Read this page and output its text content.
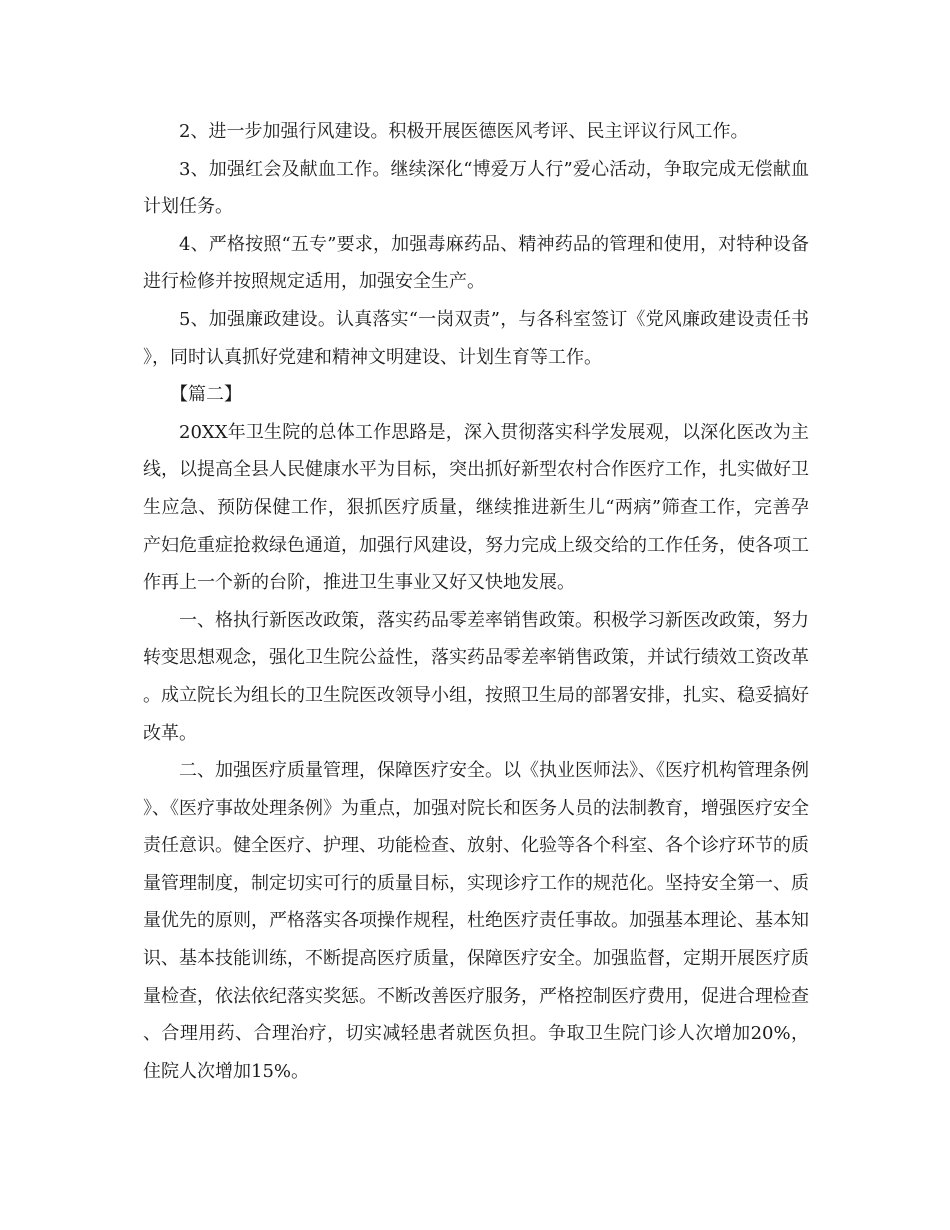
2、进一步加强行风建设。积极开展医德医风考评、民主评议行风工作。

3、加强红会及献血工作。继续深化“博爱万人行”爱心活动，争取完成无偿献血计划任务。

4、严格按照“五专”要求，加强毒麻药品、精神药品的管理和使用，对特种设备进行检修并按照规定适用，加强安全生产。

5、加强廉政建设。认真落实“一岗双责”，与各科室签订《党风廉政建设责任书》，同时认真抓好党建和精神文明建设、计划生育等工作。

【篇二】

20XX年卫生院的总体工作思路是，深入贯彻落实科学发展观，以深化医改为主线，以提高全县人民健康水平为目标，突出抓好新型农村合作医疗工作，扎实做好卫生应急、预防保健工作，狠抓医疗质量，继续推进新生儿“两病”筛查工作，完善孕产妇危重症抢救绿色通道，加强行风建设，努力完成上级交给的工作任务，使各项工作再上一个新的台阶，推进卫生事业又好又快地发展。

一、格执行新医改政策，落实药品零差率销售政策。积极学习新医改政策，努力转变思想观念，强化卫生院公益性，落实药品零差率销售政策，并试行绩效工资改革。成立院长为组长的卫生院医改领导小组，按照卫生局的部署安排，扎实、稳妥搞好改革。

二、加强医疗质量管理，保障医疗安全。以《执业医师法》、《医疗机构管理条例》、《医疗事故处理条例》为重点，加强对院长和医务人员的法制教育，增强医疗安全责任意识。健全医疗、护理、功能检查、放射、化验等各个科室、各个诊疗环节的质量管理制度，制定切实可行的质量目标，实现诊疗工作的规范化。坚持安全第一、质量优先的原则，严格落实各项操作规程，杜绝医疗责任事故。加强基本理论、基本知识、基本技能训练，不断提高医疗质量，保障医疗安全。加强监督，定期开展医疗质量检查，依法依纪落实奖惩。不断改善医疗服务，严格控制医疗费用，促进合理检查、合理用药、合理治疗，切实减轻患者就医负担。争取卫生院门诊人次增加20%，住院人次增加15%。
